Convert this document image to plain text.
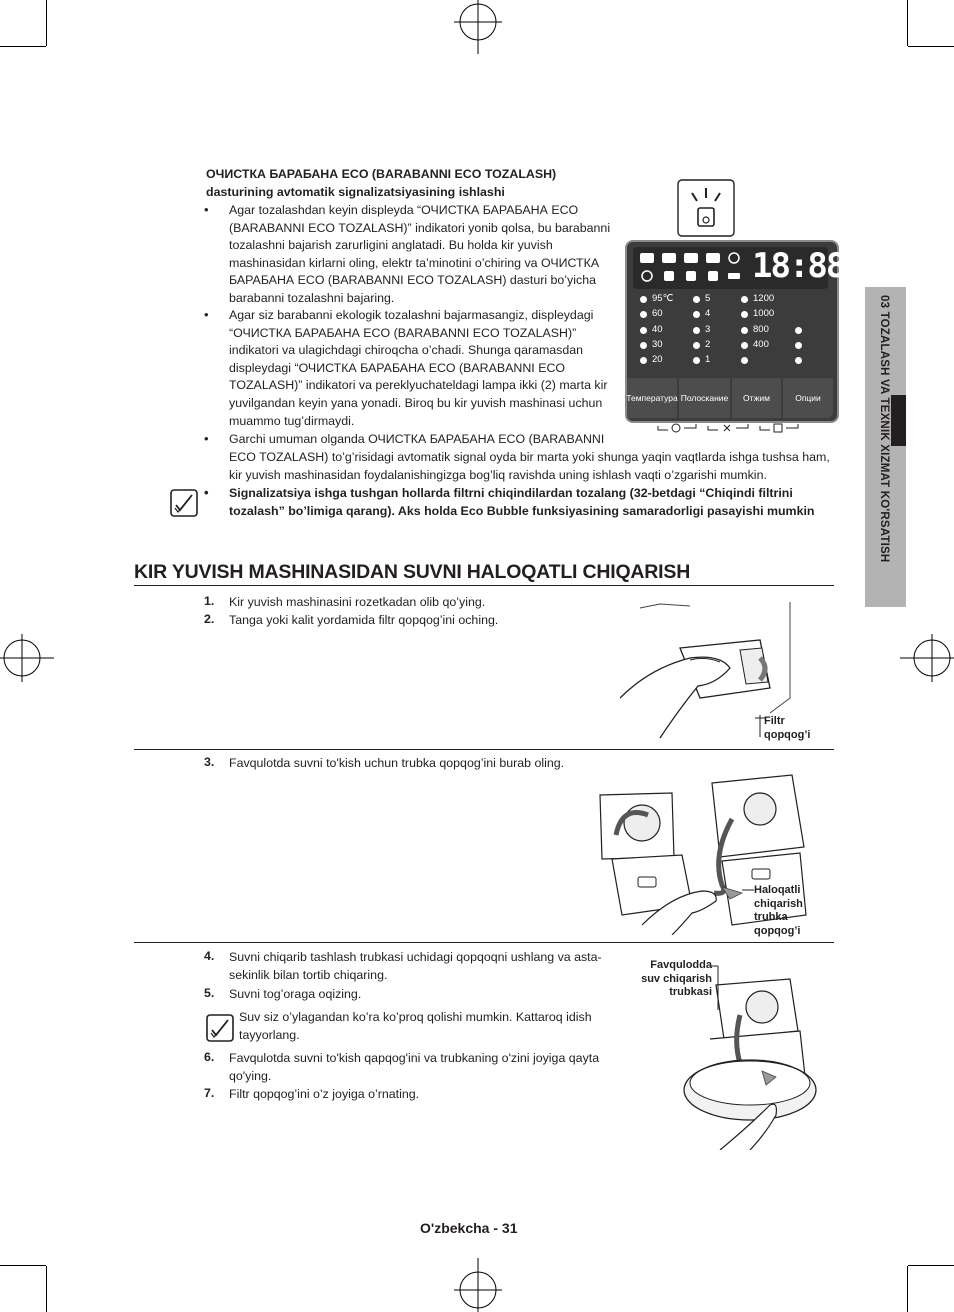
03 TOZALASH VA TEXNIK XIZMAT KO'RSATISH
ОЧИСТКА БАРАБАНА ECO (BARABANNI ECO TOZALASH)
dasturining avtomatik signalizatsiyasining ishlashi
• Agar tozalashdan keyin displeyda “ОЧИСТКА БАРАБАНА ECO (BARABANNI ECO TOZALASH)” indikatori yonib qolsa, bu barabanni tozalashni bajarish zarurligini anglatadi. Bu holda kir yuvish mashinasidan kirlarni oling, elektr ta’minotini o’chiring va ОЧИСТКА БАРАБАНА ECO (BARABANNI ECO TOZALASH) dasturi bo’yicha barabanni tozalashni bajaring.
• Agar siz barabanni ekologik tozalashni bajarmasangiz, displeydagi “ОЧИСТКА БАРАБАНА ECO (BARABANNI ECO TOZALASH)” indikatori va ulagichdagi chiroqcha o’chadi. Shunga qaramasdan displeydagi “ОЧИСТКА БАРАБАНА ECO (BARABANNI ECO TOZALASH)” indikatori va pereklyuchateldagi lampa ikki (2) marta kir yuvilgandan keyin yana yonadi. Biroq bu kir yuvish mashinasi uchun muammo tug’dirmaydi.
• Garchi umuman olganda ОЧИСТКА БАРАБАНА ECO (BARABANNI
ECO TOZALASH) to’g’risidagi avtomatik signal oyda bir marta yoki shunga yaqin vaqtlarda ishga tushsa ham, kir yuvish mashinasidan foydalanishingizga bog’liq ravishda uning ishlash vaqti o’zgarishi mumkin.
• Signalizatsiya ishga tushgan hollarda filtrni chiqindilardan tozalang (32-betdagi “Chiqindi filtrini tozalash” bo’limiga qarang). Aks holda Eco Bubble funksiyasining samaradorligi pasayishi mumkin
18:88
95℃
60
40
30
20
5
4
3
2
1
1200
1000
800
400
Температура Полоскание	Отжим	Опции
KIR YUVISH MASHINASIDAN SUVNI HALOQATLI CHIQARISH
1. Kir yuvish mashinasini rozetkadan olib qo’ying.
2. Tanga yoki kalit yordamida filtr qopqog’ini oching.
Filtr
qopqog’i
3. Favqulotda suvni to'kish uchun trubka qopqog’ini burab oling.
Haloqatli
chiqarish
trubka
qopqog’i
4. Suvni chiqarib tashlash trubkasi uchidagi qopqoqni ushlang va asta-sekinlik bilan tortib chiqaring.
5. Suvni tog’oraga oqizing.
Suv siz o’ylagandan ko’ra ko’proq qolishi mumkin. Kattaroq idish tayyorlang.
6. Favqulotda suvni to'kish qapqog'ini va trubkaning o'zini joyiga qayta qo'ying.
7. Filtr qopqog’ini o’z joyiga o’rnating.
Favqulodda
suv chiqarish
trubkasi
O'zbekcha - 31
